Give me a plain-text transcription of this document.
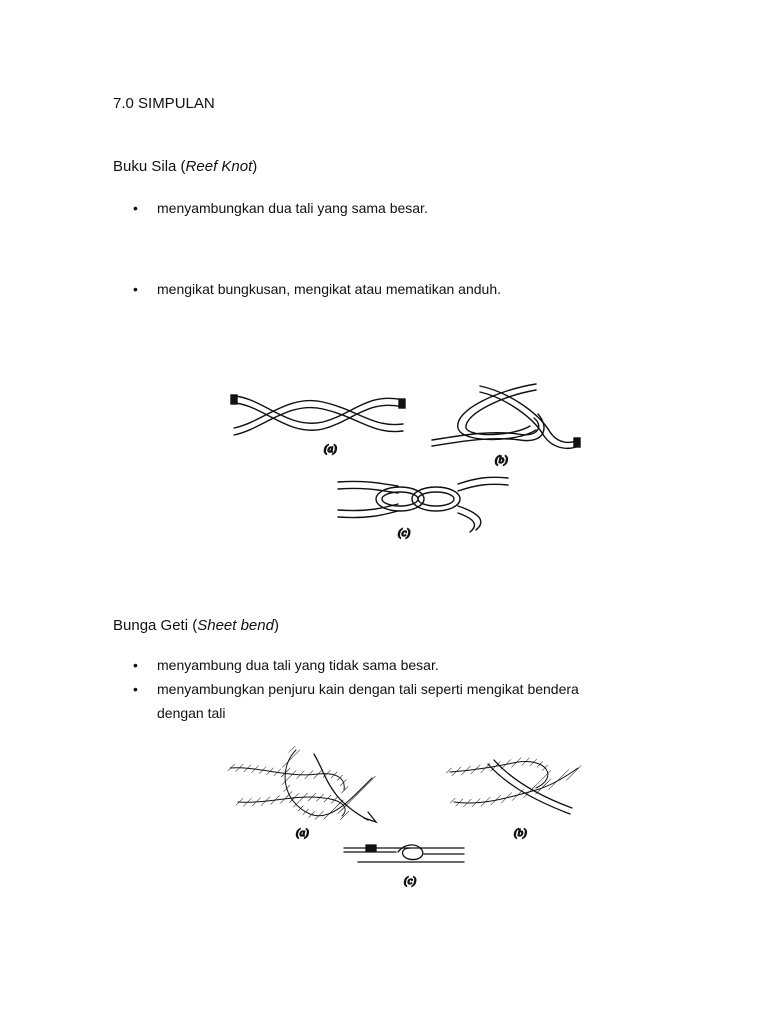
7.0 SIMPULAN
Buku Sila (Reef Knot)
•	menyambungkan dua tali yang sama besar.
•	mengikat bungkusan, mengikat atau mematikan anduh.
(a)
(b)
(c)
Bunga Geti (Sheet bend)
•	menyambung dua tali yang tidak sama besar.
•	menyambungkan penjuru kain dengan tali seperti mengikat bendera
dengan tali
(a)	(b)
(c)
